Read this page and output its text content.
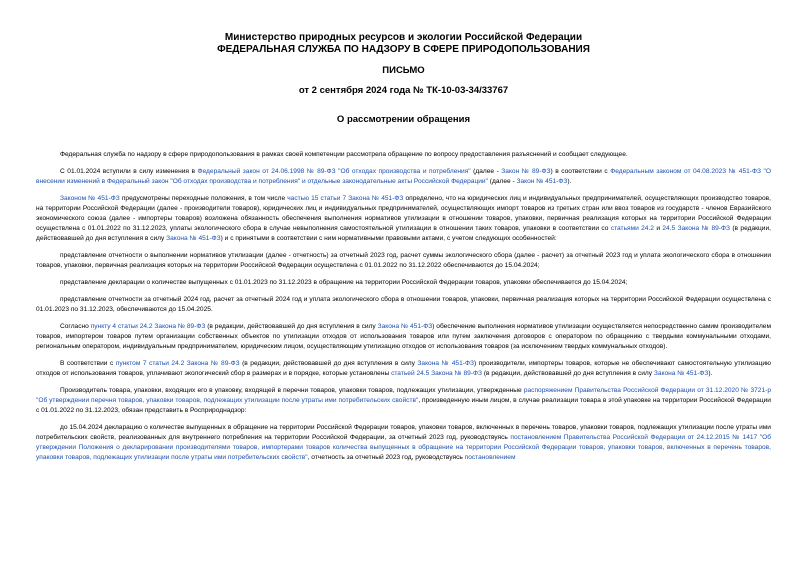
Министерство природных ресурсов и экологии Российской Федерации
ФЕДЕРАЛЬНАЯ СЛУЖБА ПО НАДЗОРУ В СФЕРЕ ПРИРОДОПОЛЬЗОВАНИЯ
ПИСЬМО
от 2 сентября 2024 года № ТК-10-03-34/33767
О рассмотрении обращения

Федеральная служба по надзору в сфере природопользования в рамках своей компетенции рассмотрела обращение по вопросу предоставления разъяснений и сообщает следующее.

С 01.01.2024 вступили в силу изменения в Федеральный закон от 24.06.1998 № 89-ФЗ "Об отходах производства и потребления" (далее - Закон № 89-ФЗ) в соответствии с Федеральным законом от 04.08.2023 № 451-ФЗ "О внесении изменений в Федеральный закон "Об отходах производства и потребления" и отдельные законодательные акты Российской Федерации" (далее - Закон № 451-ФЗ).

Законом № 451-ФЗ предусмотрены переходные положения, в том числе частью 15 статьи 7 Закона № 451-ФЗ определено, что на юридических лиц и индивидуальных предпринимателей, осуществляющих производство товаров, на территории Российской Федерации (далее - производители товаров), юридических лиц и индивидуальных предпринимателей, осуществляющих импорт товаров из третьих стран или ввоз товаров из государств - членов Евразийского экономического союза (далее - импортеры товаров) возложена обязанность обеспечения выполнения нормативов утилизации в отношении товаров, упаковки, первичная реализация которых на территории Российской Федерации осуществлена с 01.01.2022 по 31.12.2023, уплаты экологического сбора в случае невыполнения самостоятельной утилизации в отношении таких товаров, упаковки в соответствии со статьями 24.2 и 24.5 Закона № 89-ФЗ (в редакции, действовавшей до дня вступления в силу Закона № 451-ФЗ) и с принятыми в соответствии с ним нормативными правовыми актами, с учетом следующих особенностей:

представление отчетности о выполнении нормативов утилизации (далее - отчетность) за отчетный 2023 год, расчет суммы экологического сбора (далее - расчет) за отчетный 2023 год и уплата экологического сбора в отношении товаров, упаковки, первичная реализация которых на территории Российской Федерации осуществлена с 01.01.2022 по 31.12.2022 обеспечиваются до 15.04.2024;

представление декларации о количестве выпущенных с 01.01.2023 по 31.12.2023 в обращение на территории Российской Федерации товаров, упаковки обеспечивается до 15.04.2024;

представление отчетности за отчетный 2024 год, расчет за отчетный 2024 год и уплата экологического сбора в отношении товаров, упаковки, первичная реализация которых на территории Российской Федерации осуществлена с 01.01.2023 по 31.12.2023, обеспечиваются до 15.04.2025.

Согласно пункту 4 статьи 24.2 Закона № 89-ФЗ (в редакции, действовавшей до дня вступления в силу Закона № 451-ФЗ) обеспечение выполнения нормативов утилизации осуществляется непосредственно самим производителем товаров, импортером товаров путем организации собственных объектов по утилизации отходов от использования товаров или путем заключения договоров с оператором по обращению с твердыми коммунальными отходами, региональным оператором, индивидуальным предпринимателем, юридическим лицом, осуществляющим утилизацию отходов от использования товаров (за исключением твердых коммунальных отходов).

В соответствии с пунктом 7 статьи 24.2 Закона № 89-ФЗ (в редакции, действовавшей до дня вступления в силу Закона № 451-ФЗ) производители, импортеры товаров, которые не обеспечивают самостоятельную утилизацию отходов от использования товаров, уплачивают экологический сбор в размерах и в порядке, которые установлены статьей 24.5 Закона № 89-ФЗ (в редакции, действовавшей до дня вступления в силу Закона № 451-ФЗ).

Производитель товара, упаковки, входящих его в упаковку, входящей в перечни товаров, упаковки товаров, подлежащих утилизации, утвержденные распоряжением Правительства Российской Федерации от 31.12.2020 № 3721-р "Об утверждении перечня товаров, упаковки товаров, подлежащих утилизации после утраты ими потребительских свойств", произведенную иным лицом, в случае реализации товара в этой упаковке на территории Российской Федерации с 01.01.2022 по 31.12.2023, обязан представить в Росприроднадзор:

до 15.04.2024 декларацию о количестве выпущенных в обращение на территории Российской Федерации товаров, упаковки товаров, включенных в перечень товаров, упаковки товаров, подлежащих утилизации после утраты ими потребительских свойств, реализованных для внутреннего потребления на территории Российской Федерации, за отчетный 2023 год, руководствуясь постановлением Правительства Российской Федерации от 24.12.2015 № 1417 "Об утверждении Положения о декларировании производителями товаров, импортерами товаров количества выпущенных в обращение на территории Российской Федерации товаров, упаковки товаров, включенных в перечень товаров, упаковки товаров, подлежащих утилизации после утраты ими потребительских свойств", отчетность за отчетный 2023 год, руководствуясь постановлением
